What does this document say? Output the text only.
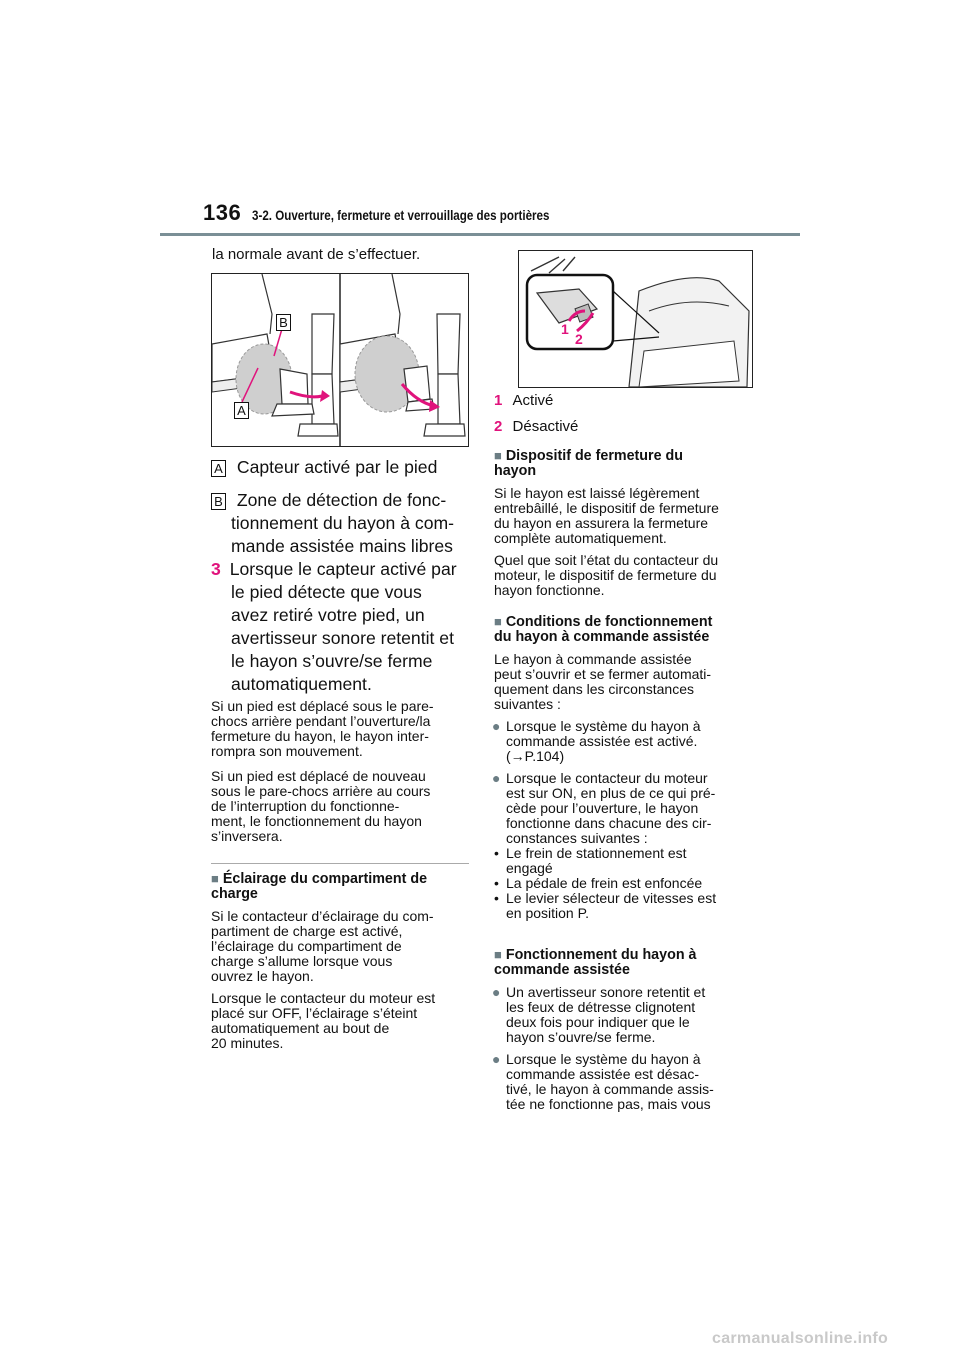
136 3-2. Ouverture, fermeture et verrouillage des portières
la normale avant de s’effectuer.
B
A
A Capteur activé par le pied
B Zone de détection de fonc-
tionnement du hayon à com-
mande assistée mains libres
3 Lorsque le capteur activé par
le pied détecte que vous
avez retiré votre pied, un
avertisseur sonore retentit et
le hayon s’ouvre/se ferme
automatiquement.
Si un pied est déplacé sous le pare-
chocs arrière pendant l’ouverture/la
fermeture du hayon, le hayon inter-
rompra son mouvement.
Si un pied est déplacé de nouveau
sous le pare-chocs arrière au cours
de l’interruption du fonctionne-
ment, le fonctionnement du hayon
s’inversera.
■ Éclairage du compartiment de
charge
Si le contacteur d’éclairage du com-
partiment de charge est activé,
l’éclairage du compartiment de
charge s’allume lorsque vous
ouvrez le hayon.
Lorsque le contacteur du moteur est
placé sur OFF, l’éclairage s’éteint
automatiquement au bout de
20 minutes.
1
2
1 Activé
2 Désactivé
■ Dispositif de fermeture du
hayon
Si le hayon est laissé légèrement
entrebâillé, le dispositif de fermeture
du hayon en assurera la fermeture
complète automatiquement.
Quel que soit l’état du contacteur du
moteur, le dispositif de fermeture du
hayon fonctionne.
■ Conditions de fonctionnement
du hayon à commande assistée
Le hayon à commande assistée
peut s’ouvrir et se fermer automati-
quement dans les circonstances
suivantes :
● Lorsque le système du hayon à
commande assistée est activé.
(→P.104)
● Lorsque le contacteur du moteur
est sur ON, en plus de ce qui pré-
cède pour l’ouverture, le hayon
fonctionne dans chacune des cir-
constances suivantes :
• Le frein de stationnement est
engagé
• La pédale de frein est enfoncée
• Le levier sélecteur de vitesses est
en position P.
■ Fonctionnement du hayon à
commande assistée
● Un avertisseur sonore retentit et
les feux de détresse clignotent
deux fois pour indiquer que le
hayon s’ouvre/se ferme.
● Lorsque le système du hayon à
commande assistée est désac-
tivé, le hayon à commande assis-
tée ne fonctionne pas, mais vous
carmanualsonline.info
